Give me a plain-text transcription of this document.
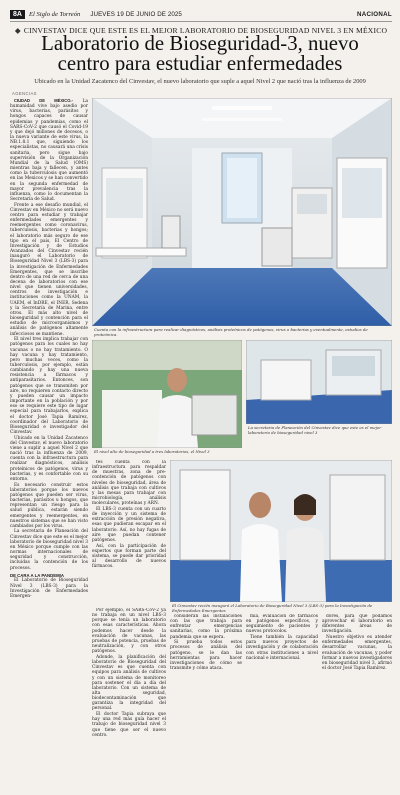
8A	El Siglo de Torreón JUEVES 19 DE JUNIO DE 2025	NACIONAL
◆ CINVESTAV DICE QUE ESTE ES EL MEJOR LABORATORIO DE BIOSEGURIDAD NIVEL 3 EN MÉXICO
Laboratorio de Bioseguridad-3, nuevo
centro para estudiar enfermedades
Ubicado en la Unidad Zacatenco del Cinvestav, el nuevo laboratorio que suple a aquel Nivel 2 que nació tras la influenza de 2009
AGENCIAS

CIUDAD DE MÉXICO.- La humanidad vive bajo asedio por virus, bacterias, parásitos y hongos capaces de causar epidemias y pandemias, como el SARS-CoV-2 que causó el Covid-19 y que dejó millones de decesos, o la nueva variante de este virus, la NB.1.8.1 que, siguiendo los especialistas, no causará una crisis sanitaria, pero sigue bajo supervisión de la Organización Mundial de la Salud (OMS) mientras baja y fallecen, y antes como la tuberculosis que aumentó en las Mexicos y se han convertido en la segunda enfermedad de mayor prevalencia tras la influenza, como lo documentan la Secretaría de Salud.

Frente a ese desafío mundial, el Cinvestav en México no será nuevo centro para estudiar y trabajar enfermedades emergentes y reemergentes como coronavirus, tuberculosis, bacterias y hongos; el laboratorio más seguro de ese tipo en el país, El Centro de Investigación y de Estudios Avanzados del Cinvestav recién inauguró el Laboratorio de Bioseguridad Nivel 3 (LBS-3) para la investigación de Enfermedades Emergentes, que se inscribe dentro de una red de cerca de una decena de laboratorios con ese nivel que tienen universidades, centros de investigación e instituciones como la UNAM, la UAEM, el InDRE, el INER, Sedena y la Secretaría de Marina, entre otros. El más alto nivel de bioseguridad y contención para el estudio de microorganismos y análisis de patógenos altamente infecciosos se mantiene.

El nivel tres implica trabajar con patógenos para los cuales no hay vacunas o no hay tratamiento. O hay vacuna y hay tratamiento, pero muchas veces, como la tuberculosis, por ejemplo, están cambiando y hay una nueva resistencia a fármacos y antiparasitarios. Entonces, son patógenos que se transmiten por aire, no requieren contacto directo y pueden causar un impacto importante en la población y por eso se requiere este tipo de lugar especial para trabajarlos, explica el doctor José Tapia Ramírez, coordinador del Laboratorio de Bioseguridad e investigador del Cinvestav.

Ubicado en la Unidad Zacatenco del Cinvestav, el nuevo laboratorio viene a suplir a aquel Nivel 2 que nació tras la influenza de 2009, cuenta con la infraestructura para realizar diagnósticos, análisis proteínicos de patógenos, virus y bacterias, y es confortable con su entorno.

Es necesario construir estos laboratorios porque los nuevos patógenos que pueden ser virus, bacterias, parásitos u hongos, que representan un riesgo para la salud pública, estarán siendo emergentes y reemergentes, en nuestros sistemas que se han visto cambiados por los virus.

La secretaria de Planeación del Cinvestav dice que este es el mejor laboratorio de bioseguridad nivel 3 en México porque cumple con las normas internacionales de seguridad y construcción, incluidas la contención de los procesos.

DE CARA A LA PANDEMIA

El Laboratorio de Bioseguridad Nivel 3 (LBS-3) para la Investigación de Enfermedades Emergen-

Cuenta con la infraestructura para realizar diagnósticos, análisis proteínicos de patógenos, virus o bacterias y eventualmente, estudios de proteómica.
El nivel alto de bioseguridad a tres laboratorios, el Nivel 3
La secretaria de Planeación del Cinvestav dice que este es el mejor laboratorio de bioseguridad nivel 3

tes cuenta con la infraestructura para respaldar de muestras, zona de pre-contención de patógenos con niveles de bioseguridad, área de análisis que trabaja con cultivos y las mesas para trabajar con microbiología, análisis moleculares, proteínas y ARN.

El LBS-3 cuenta con un cuarto de inyección y un sistema de extracción de presión negativa, esas que pudieran escapar en el laboratorio. Así, no hay fugas de aire que puedan contener patógenos.

Así, con la participación de expertos que forman parte del sistema, se puede dar prioridad al desarrollo de nuevos fármacos.

El Cinvestav recién inauguró el Laboratorio de Bioseguridad Nivel 3 (LBS-3) para la Investigación de Enfermedades Emergentes

Por ejemplo, el SARS-CoV-2 ya no trabaja en un nivel LBS-3 porque se tenía un laboratorio con esas características. Ahora podemos hacer desde la evaluación de vacunas, las pruebas de potencia, pruebas de neutralización, y con otros patógenos.

Adonde, la planificación del laboratorio de Bioseguridad del Cinvestav es que cuenta con equipos para análisis de cultivos y con un sistema de monitoreo para sostener el día a día del laboratorio. Con un sistema de alta seguridad, biodecontaminación que garantiza la integridad del personal.

El doctor Tapia subraya que hay una red más guía hacer el trabajo de bioseguridad nivel 3 que tiene que ser el nuevo centro.

consideran las instalaciones con las que trabaja para enfrentar emergencias sanitarias, como la próxima pandemia que se espera.

Si prueba todos estos procesos de análisis del patógeno, se le dan las herramientas para hacer investigaciones de cómo se transmite y cómo ataca.

mia, evaluación de fármacos en patógenos específicos, y seguimiento de pacientes y nuevos protocolos.

Tiene también la capacidad para nuevos proyectos de investigación y de colaboración con otras instituciones a nivel nacional e internacional.

dores, para que podamos aprovechar el laboratorio en diferentes áreas de investigación.

Nuestro objetivo es atender enfermedades emergentes, desarrollar vacunas, la evaluación de vacunas, y poder formar a nuevos investigadores en bioseguridad nivel 3, afirmó el doctor José Tapia Ramírez.
